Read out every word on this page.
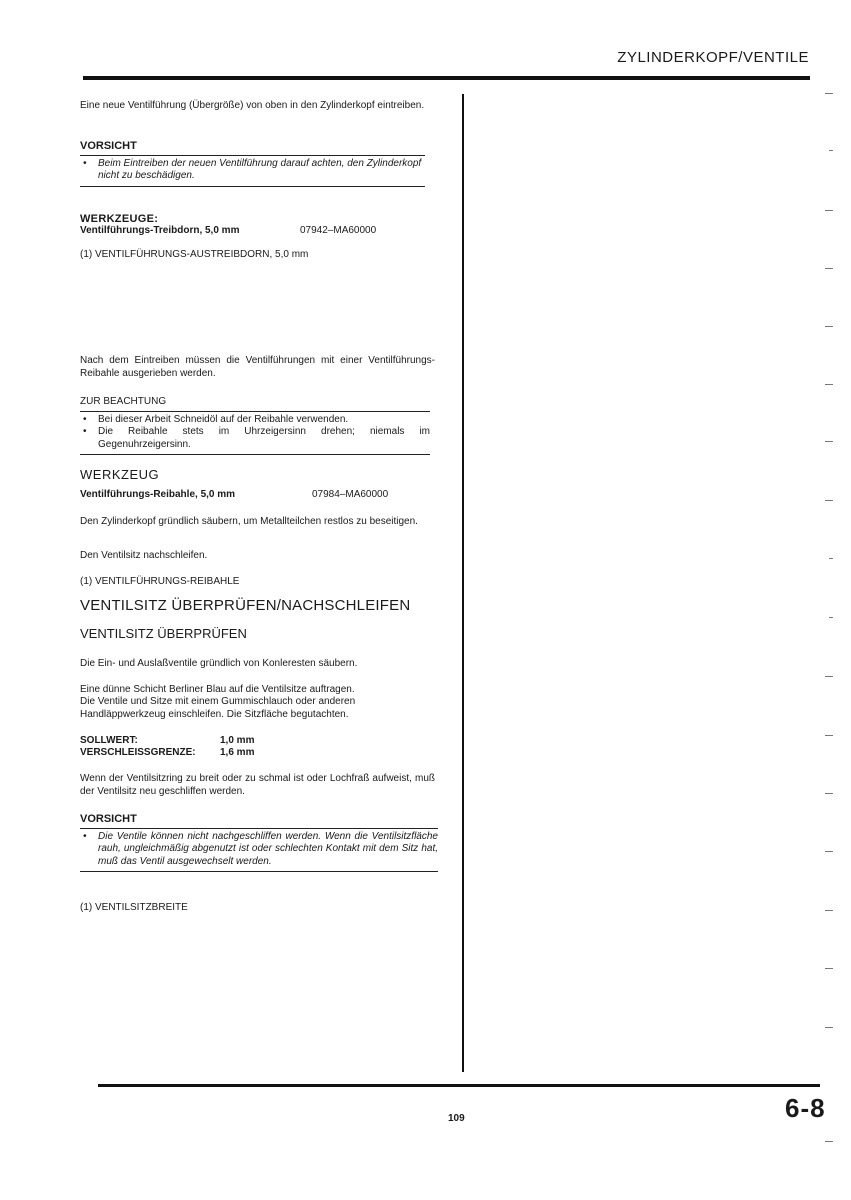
ZYLINDERKOPF/VENTILE
Eine neue Ventilführung (Übergröße) von oben in den Zylinderkopf eintreiben.
VORSICHT
• Beim Eintreiben der neuen Ventilführung darauf achten, den Zylinderkopf nicht zu beschädigen.
WERKZEUGE:
Ventilführungs-Treibdorn, 5,0 mm	07942–MA60000
(1) VENTILFÜHRUNGS-AUSTREIBDORN, 5,0 mm
Nach dem Eintreiben müssen die Ventilführungen mit einer Ventilführungs-Reibahle ausgerieben werden.
ZUR BEACHTUNG
• Bei dieser Arbeit Schneidöl auf der Reibahle verwenden.
• Die Reibahle stets im Uhrzeigersinn drehen; niemals im Gegenuhrzeigersinn.
WERKZEUG
Ventilführungs-Reibahle, 5,0 mm	07984–MA60000
Den Zylinderkopf gründlich säubern, um Metallteilchen restlos zu beseitigen.
Den Ventilsitz nachschleifen.
(1) VENTILFÜHRUNGS-REIBAHLE
VENTILSITZ ÜBERPRÜFEN/NACHSCHLEIFEN
VENTILSITZ ÜBERPRÜFEN
Die Ein- und Auslaßventile gründlich von Konleresten säubern.
Eine dünne Schicht Berliner Blau auf die Ventilsitze auftragen.
Die Ventile und Sitze mit einem Gummischlauch oder anderen Handläppwerkzeug einschleifen. Die Sitzfläche begutachten.
SOLLWERT:	1,0 mm
VERSCHLEISSGRENZE: 1,6 mm
Wenn der Ventilsitzring zu breit oder zu schmal ist oder Lochfraß aufweist, muß der Ventilsitz neu geschliffen werden.
VORSICHT
• Die Ventile können nicht nachgeschliffen werden. Wenn die Ventilsitzfläche rauh, ungleichmäßig abgenutzt ist oder schlechten Kontakt mit dem Sitz hat, muß das Ventil ausgewechselt werden.
(1) VENTILSITZBREITE
109	6-8
